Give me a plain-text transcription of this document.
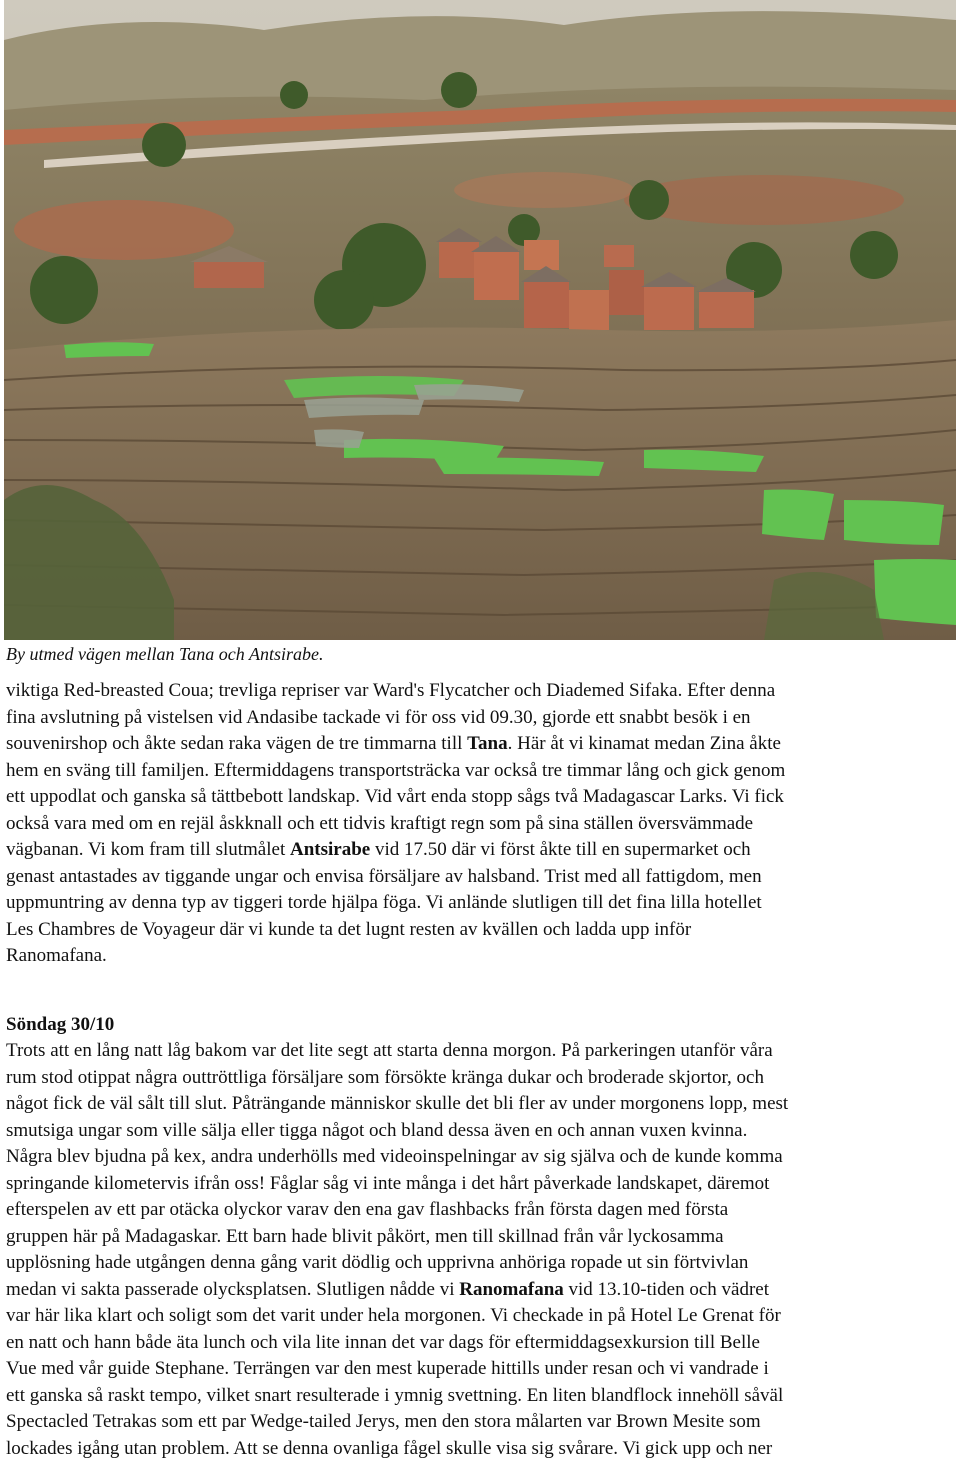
By utmed vägen mellan Tana och Antsirabe.
viktiga Red-breasted Coua; trevliga repriser var Ward's Flycatcher och Diademed Sifaka. Efter denna
fina avslutning på vistelsen vid Andasibe tackade vi för oss vid 09.30, gjorde ett snabbt besök i en
souvenirshop och åkte sedan raka vägen de tre timmarna till Tana. Här åt vi kinamat medan Zina åkte
hem en sväng till familjen. Eftermiddagens transportsträcka var också tre timmar lång och gick genom
ett uppodlat och ganska så tättbebott landskap. Vid vårt enda stopp sågs två Madagascar Larks. Vi fick
också vara med om en rejäl åskknall och ett tidvis kraftigt regn som på sina ställen översvämmade
vägbanan. Vi kom fram till slutmålet Antsirabe vid 17.50 där vi först åkte till en supermarket och
genast antastades av tiggande ungar och envisa försäljare av halsband. Trist med all fattigdom, men
uppmuntring av denna typ av tiggeri torde hjälpa föga. Vi anlände slutligen till det fina lilla hotellet
Les Chambres de Voyageur där vi kunde ta det lugnt resten av kvällen och ladda upp inför
Ranomafana.
Söndag 30/10
Trots att en lång natt låg bakom var det lite segt att starta denna morgon. På parkeringen utanför våra
rum stod otippat några outtröttliga försäljare som försökte kränga dukar och broderade skjortor, och
något fick de väl sålt till slut. Påträngande människor skulle det bli fler av under morgonens lopp, mest
smutsiga ungar som ville sälja eller tigga något och bland dessa även en och annan vuxen kvinna.
Några blev bjudna på kex, andra underhölls med videoinspelningar av sig själva och de kunde komma
springande kilometervis ifrån oss! Fåglar såg vi inte många i det hårt påverkade landskapet, däremot
efterspelen av ett par otäcka olyckor varav den ena gav flashbacks från första dagen med första
gruppen här på Madagaskar. Ett barn hade blivit påkört, men till skillnad från vår lyckosamma
upplösning hade utgången denna gång varit dödlig och upprivna anhöriga ropade ut sin förtvivlan
medan vi sakta passerade olycksplatsen. Slutligen nådde vi Ranomafana vid 13.10-tiden och vädret
var här lika klart och soligt som det varit under hela morgonen. Vi checkade in på Hotel Le Grenat för
en natt och hann både äta lunch och vila lite innan det var dags för eftermiddagsexkursion till Belle
Vue med vår guide Stephane. Terrängen var den mest kuperade hittills under resan och vi vandrade i
ett ganska så raskt tempo, vilket snart resulterade i ymnig svettning. En liten blandflock innehöll såväl
Spectacled Tetrakas som ett par Wedge-tailed Jerys, men den stora målarten var Brown Mesite som
lockades igång utan problem. Att se denna ovanliga fågel skulle visa sig svårare. Vi gick upp och ner
